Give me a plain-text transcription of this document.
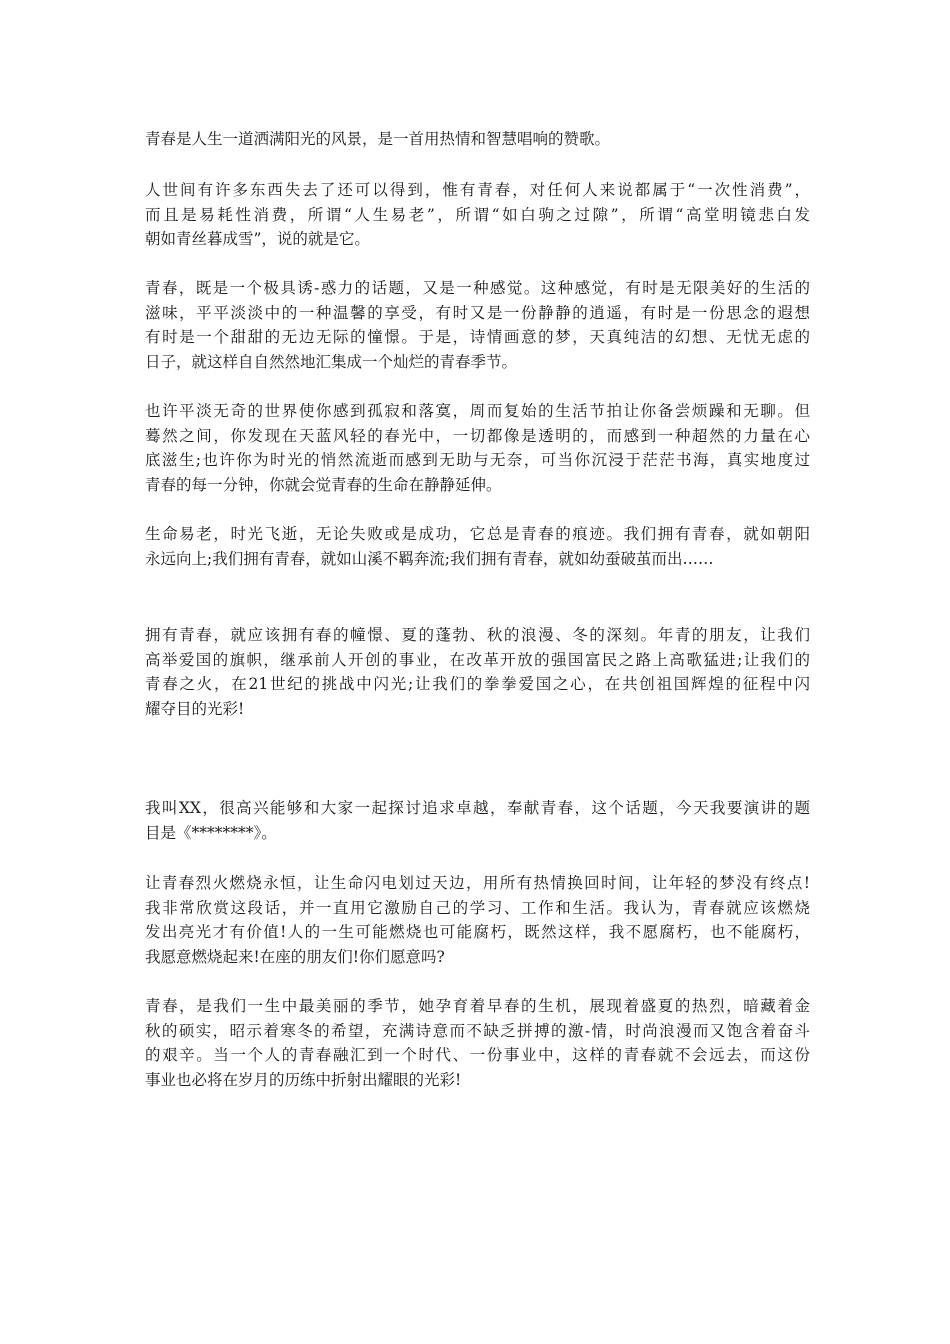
青春是人生一道洒满阳光的风景，是一首用热情和智慧唱响的赞歌。

人世间有许多东西失去了还可以得到，惟有青春，对任何人来说都属于“一次性消费”，
而且是易耗性消费，所谓“人生易老”，所谓“如白驹之过隙”，所谓“高堂明镜悲白发
朝如青丝暮成雪”，说的就是它。

青春，既是一个极具诱-惑力的话题，又是一种感觉。这种感觉，有时是无限美好的生活的
滋味，平平淡淡中的一种温馨的享受，有时又是一份静静的逍遥，有时是一份思念的遐想
有时是一个甜甜的无边无际的憧憬。于是，诗情画意的梦，天真纯洁的幻想、无忧无虑的
日子，就这样自自然然地汇集成一个灿烂的青春季节。

也许平淡无奇的世界使你感到孤寂和落寞，周而复始的生活节拍让你备尝烦躁和无聊。但
蓦然之间，你发现在天蓝风轻的春光中，一切都像是透明的，而感到一种超然的力量在心
底滋生;也许你为时光的悄然流逝而感到无助与无奈，可当你沉浸于茫茫书海，真实地度过
青春的每一分钟，你就会觉青春的生命在静静延伸。

生命易老，时光飞逝，无论失败或是成功，它总是青春的痕迹。我们拥有青春，就如朝阳
永远向上;我们拥有青春，就如山溪不羁奔流;我们拥有青春，就如幼蚕破茧而出……

拥有青春，就应该拥有春的幢憬、夏的蓬勃、秋的浪漫、冬的深刻。年青的朋友，让我们
高举爱国的旗帜，继承前人开创的事业，在改革开放的强国富民之路上高歌猛进;让我们的
青春之火，在21世纪的挑战中闪光;让我们的拳拳爱国之心，在共创祖国辉煌的征程中闪
耀夺目的光彩!

我叫XX，很高兴能够和大家一起探讨追求卓越，奉献青春，这个话题，今天我要演讲的题
目是《********》。

让青春烈火燃烧永恒，让生命闪电划过天边，用所有热情换回时间，让年轻的梦没有终点!
我非常欣赏这段话，并一直用它激励自己的学习、工作和生活。我认为，青春就应该燃烧
发出亮光才有价值!人的一生可能燃烧也可能腐朽，既然这样，我不愿腐朽，也不能腐朽，
我愿意燃烧起来!在座的朋友们!你们愿意吗?

青春，是我们一生中最美丽的季节，她孕育着早春的生机，展现着盛夏的热烈，暗藏着金
秋的硕实，昭示着寒冬的希望，充满诗意而不缺乏拼搏的激-情，时尚浪漫而又饱含着奋斗
的艰辛。当一个人的青春融汇到一个时代、一份事业中，这样的青春就不会远去，而这份
事业也必将在岁月的历练中折射出耀眼的光彩!
